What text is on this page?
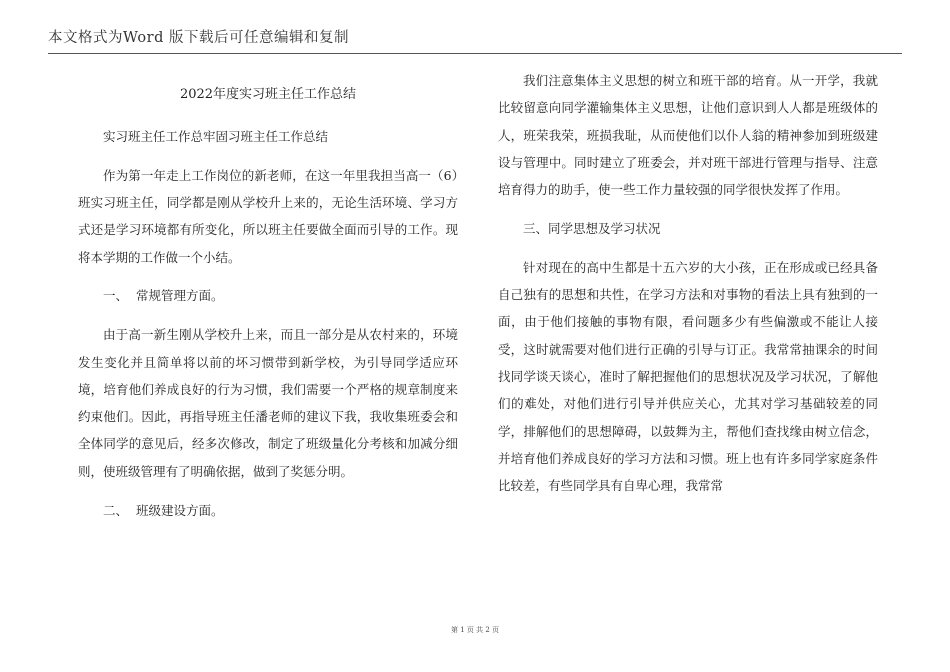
本文格式为Word 版下载后可任意编辑和复制
2022年度实习班主任工作总结

实习班主任工作总牢固习班主任工作总结

作为第一年走上工作岗位的新老师，在这一年里我担当高一（6）班实习班主任，同学都是刚从学校升上来的，无论生活环境、学习方式还是学习环境都有所变化，所以班主任要做全面而引导的工作。现将本学期的工作做一个小结。

一、  常规管理方面。

由于高一新生刚从学校升上来，而且一部分是从农村来的，环境发生变化并且简单将以前的坏习惯带到新学校，为引导同学适应环境，培育他们养成良好的行为习惯，我们需要一个严格的规章制度来约束他们。因此，再指导班主任潘老师的建议下我，我收集班委会和全体同学的意见后，经多次修改，制定了班级量化分考核和加减分细则，使班级管理有了明确依据，做到了奖惩分明。

二、  班级建设方面。

我们注意集体主义思想的树立和班干部的培育。从一开学，我就比较留意向同学灌输集体主义思想，让他们意识到人人都是班级体的人，班荣我荣，班损我耻，从而使他们以仆人翁的精神参加到班级建设与管理中。同时建立了班委会，并对班干部进行管理与指导、注意培育得力的助手，使一些工作力量较强的同学很快发挥了作用。

三、同学思想及学习状况

针对现在的高中生都是十五六岁的大小孩，正在形成或已经具备自己独有的思想和共性，在学习方法和对事物的看法上具有独到的一面，由于他们接触的事物有限，看问题多少有些偏激或不能让人接受，这时就需要对他们进行正确的引导与订正。我常常抽课余的时间找同学谈天谈心，准时了解把握他们的思想状况及学习状况，了解他们的难处，对他们进行引导并供应关心，尤其对学习基础较差的同学，排解他们的思想障碍，以鼓舞为主，帮他们查找缘由树立信念，并培育他们养成良好的学习方法和习惯。班上也有许多同学家庭条件比较差，有些同学具有自卑心理，我常常

第 1 页 共 2 页
